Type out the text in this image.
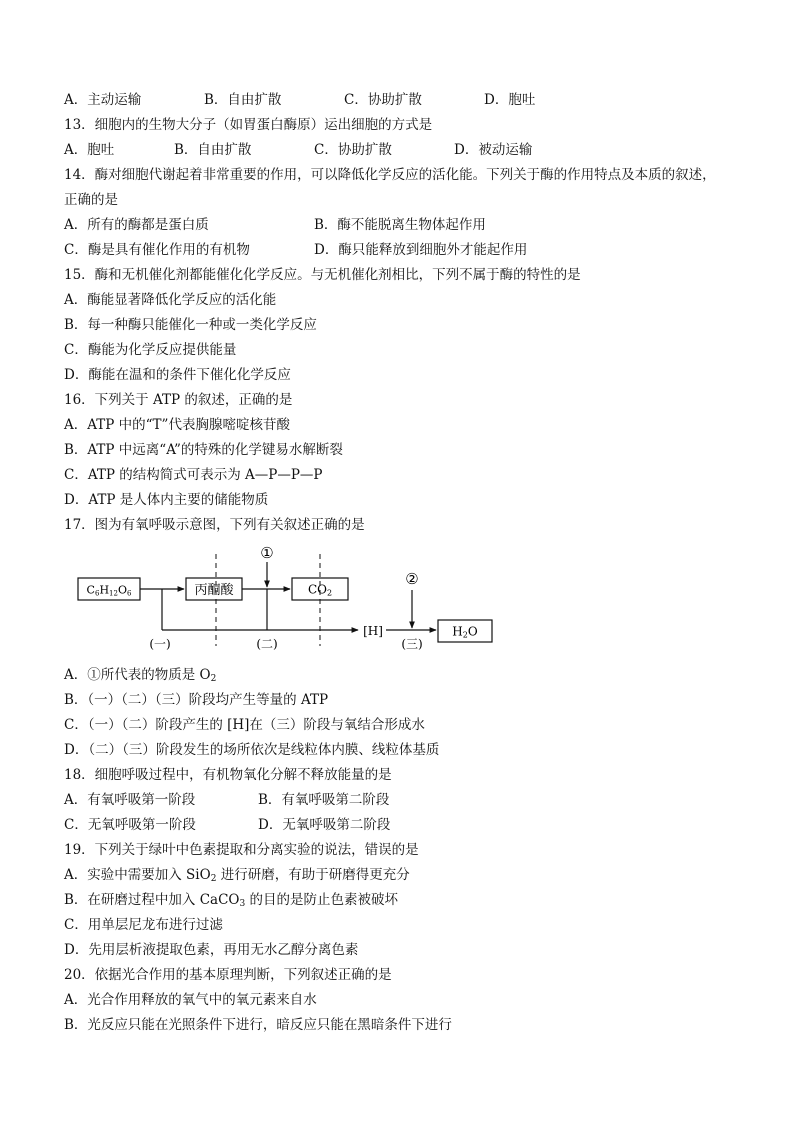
A．主动运输	B．自由扩散	C．协助扩散	D．胞吐
13．细胞内的生物大分子（如胃蛋白酶原）运出细胞的方式是
A．胞吐	B．自由扩散	C．协助扩散	D．被动运输
14．酶对细胞代谢起着非常重要的作用，可以降低化学反应的活化能。下列关于酶的作用特点及本质的叙述，
正确的是
A．所有的酶都是蛋白质	B．酶不能脱离生物体起作用
C．酶是具有催化作用的有机物	D．酶只能释放到细胞外才能起作用
15．酶和无机催化剂都能催化化学反应。与无机催化剂相比，下列不属于酶的特性的是
A．酶能显著降低化学反应的活化能
B．每一种酶只能催化一种或一类化学反应
C．酶能为化学反应提供能量
D．酶能在温和的条件下催化化学反应
16．下列关于 ATP 的叙述，正确的是
A．ATP 中的“T”代表胸腺嘧啶核苷酸
B．ATP 中远离“A”的特殊的化学键易水解断裂
C．ATP 的结构简式可表示为 A—P—P—P
D．ATP 是人体内主要的储能物质
17．图为有氧呼吸示意图，下列有关叙述正确的是
C6H12O6	丙酮酸	CO2
H2O
①
[H]
②
(一)	(二)	(三)
A．①所代表的物质是 $O_2$
B．（一）（二）（三）阶段均产生等量的 ATP
C．（一）（二）阶段产生的 [H]在（三）阶段与氧结合形成水
D．（二）（三）阶段发生的场所依次是线粒体内膜、线粒体基质
18．细胞呼吸过程中，有机物氧化分解不释放能量的是
A．有氧呼吸第一阶段	B．有氧呼吸第二阶段
C．无氧呼吸第一阶段	D．无氧呼吸第二阶段
19．下列关于绿叶中色素提取和分离实验的说法，错误的是
A．实验中需要加入 SiO$_2$ 进行研磨，有助于研磨得更充分
B．在研磨过程中加入 CaCO$_3$ 的目的是防止色素被破坏
C．用单层尼龙布进行过滤
D．先用层析液提取色素，再用无水乙醇分离色素
20．依据光合作用的基本原理判断，下列叙述正确的是
A．光合作用释放的氧气中的氧元素来自水
B．光反应只能在光照条件下进行，暗反应只能在黑暗条件下进行
